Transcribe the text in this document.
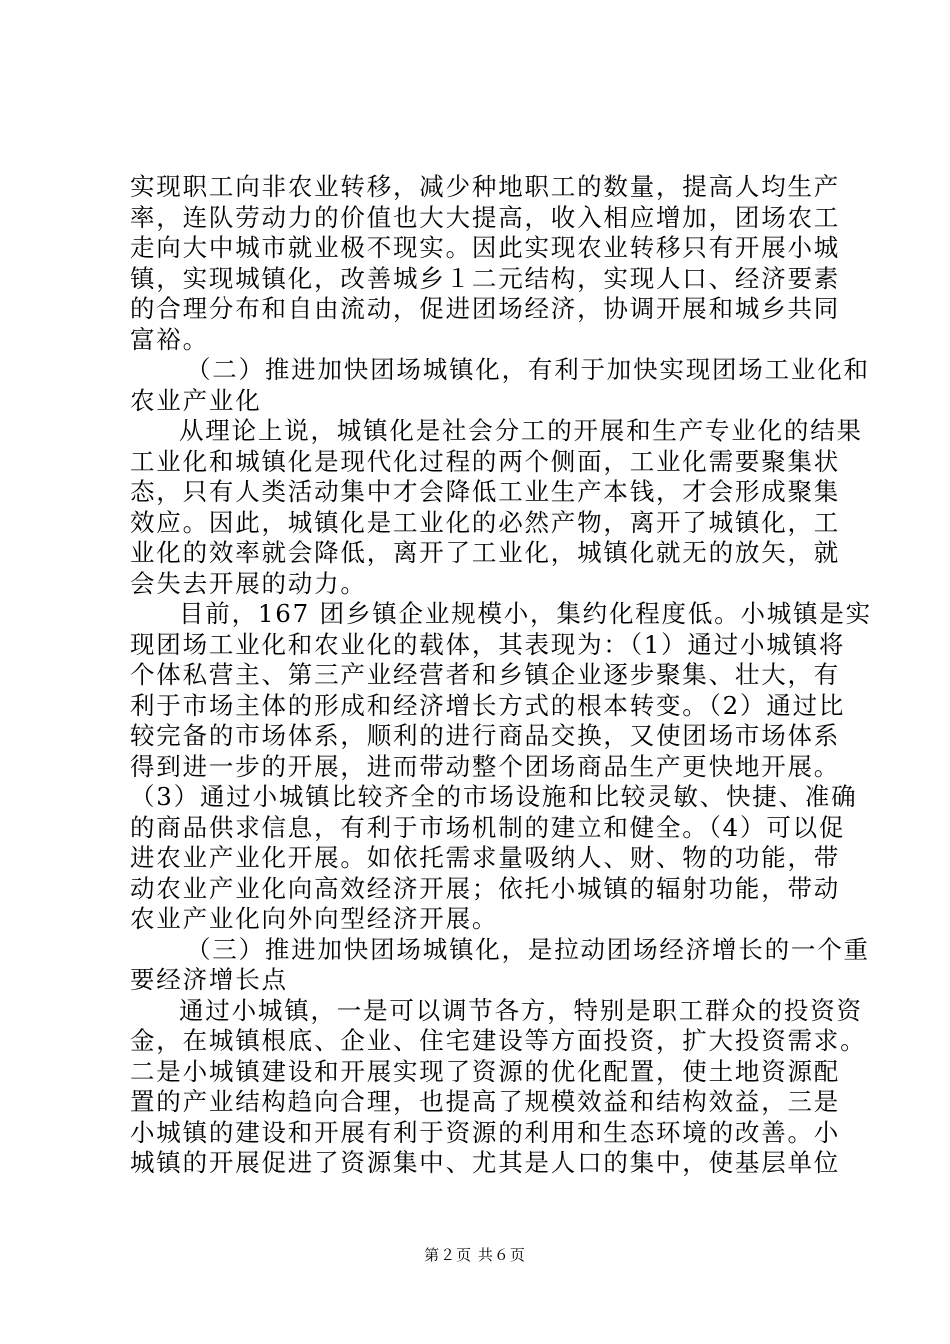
实现职工向非农业转移，减少种地职工的数量，提高人均生产
率，连队劳动力的价值也大大提高，收入相应增加，团场农工
走向大中城市就业极不现实。因此实现农业转移只有开展小城
镇，实现城镇化，改善城乡１二元结构，实现人口、经济要素
的合理分布和自由流动，促进团场经济，协调开展和城乡共同
富裕。
（二）推进加快团场城镇化，有利于加快实现团场工业化和
农业产业化
从理论上说，城镇化是社会分工的开展和生产专业化的结果
工业化和城镇化是现代化过程的两个侧面，工业化需要聚集状
态，只有人类活动集中才会降低工业生产本钱，才会形成聚集
效应。因此，城镇化是工业化的必然产物，离开了城镇化，工
业化的效率就会降低，离开了工业化，城镇化就无的放矢，就
会失去开展的动力。
目前，167 团乡镇企业规模小，集约化程度低。小城镇是实
现团场工业化和农业化的载体，其表现为：（1）通过小城镇将
个体私营主、第三产业经营者和乡镇企业逐步聚集、壮大，有
利于市场主体的形成和经济增长方式的根本转变。（2）通过比
较完备的市场体系，顺利的进行商品交换，又使团场市场体系
得到进一步的开展，进而带动整个团场商品生产更快地开展。
（3）通过小城镇比较齐全的市场设施和比较灵敏、快捷、准确
的商品供求信息，有利于市场机制的建立和健全。（4）可以促
进农业产业化开展。如依托需求量吸纳人、财、物的功能，带
动农业产业化向高效经济开展；依托小城镇的辐射功能，带动
农业产业化向外向型经济开展。
（三）推进加快团场城镇化，是拉动团场经济增长的一个重
要经济增长点
通过小城镇，一是可以调节各方，特别是职工群众的投资资
金，在城镇根底、企业、住宅建设等方面投资，扩大投资需求。
二是小城镇建设和开展实现了资源的优化配置，使土地资源配
置的产业结构趋向合理，也提高了规模效益和结构效益，三是
小城镇的建设和开展有利于资源的利用和生态环境的改善。小
城镇的开展促进了资源集中、尤其是人口的集中，使基层单位
第２页 共６页
